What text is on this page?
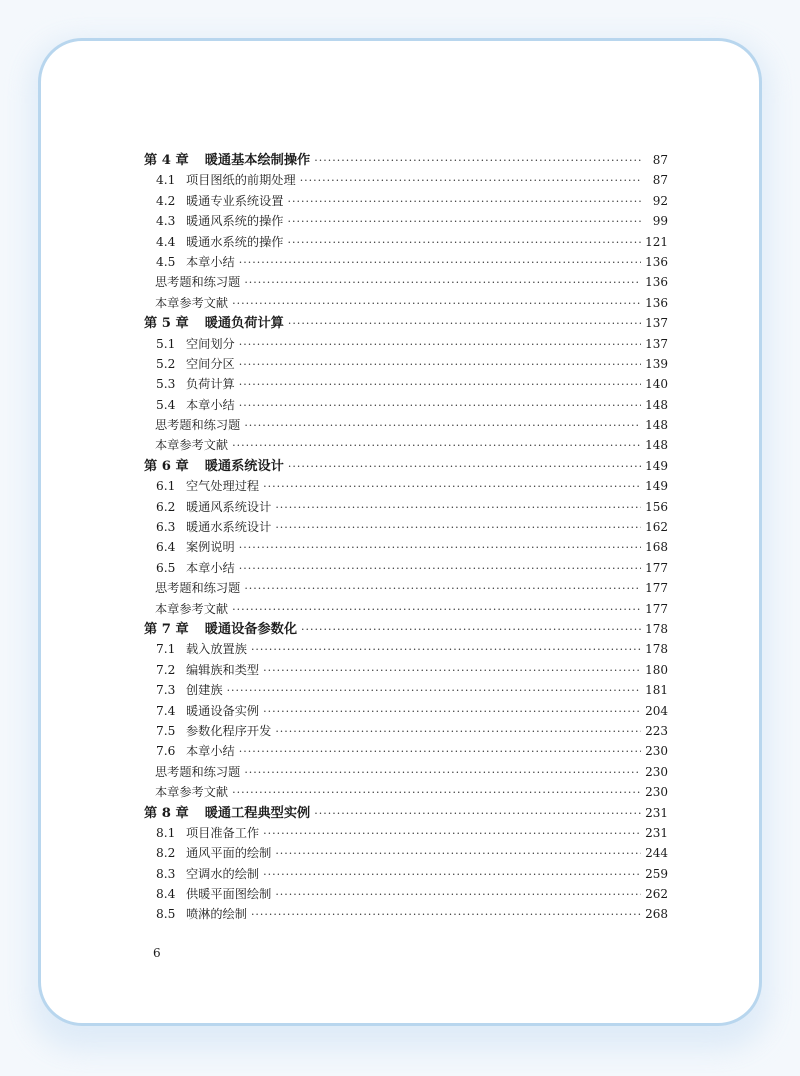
第 4 章 暖通基本绘制操作 ·····	87
4.1 项目图纸的前期处理 ·····	87
4.2 暖通专业系统设置 ·····	92
4.3 暖通风系统的操作 ·····	99
4.4 暖通水系统的操作 ·····	121
4.5 本章小结 ·····	136
思考题和练习题 ·····	136
本章参考文献 ·····	136
第 5 章 暖通负荷计算 ·····	137
5.1 空间划分 ·····	137
5.2 空间分区 ·····	139
5.3 负荷计算 ·····	140
5.4 本章小结 ·····	148
思考题和练习题 ·····	148
本章参考文献 ·····	148
第 6 章 暖通系统设计 ·····	149
6.1 空气处理过程 ·····	149
6.2 暖通风系统设计 ·····	156
6.3 暖通水系统设计 ·····	162
6.4 案例说明 ·····	168
6.5 本章小结 ·····	177
思考题和练习题 ·····	177
本章参考文献 ·····	177
第 7 章 暖通设备参数化 ·····	178
7.1 载入放置族 ·····	178
7.2 编辑族和类型 ·····	180
7.3 创建族 ·····	181
7.4 暖通设备实例 ·····	204
7.5 参数化程序开发 ·····	223
7.6 本章小结 ·····	230
思考题和练习题 ·····	230
本章参考文献 ·····	230
第 8 章 暖通工程典型实例 ·····	231
8.1 项目准备工作 ·····	231
8.2 通风平面的绘制 ·····	244
8.3 空调水的绘制 ·····	259
8.4 供暖平面图绘制 ·····	262
8.5 喷淋的绘制 ·····	268
6
